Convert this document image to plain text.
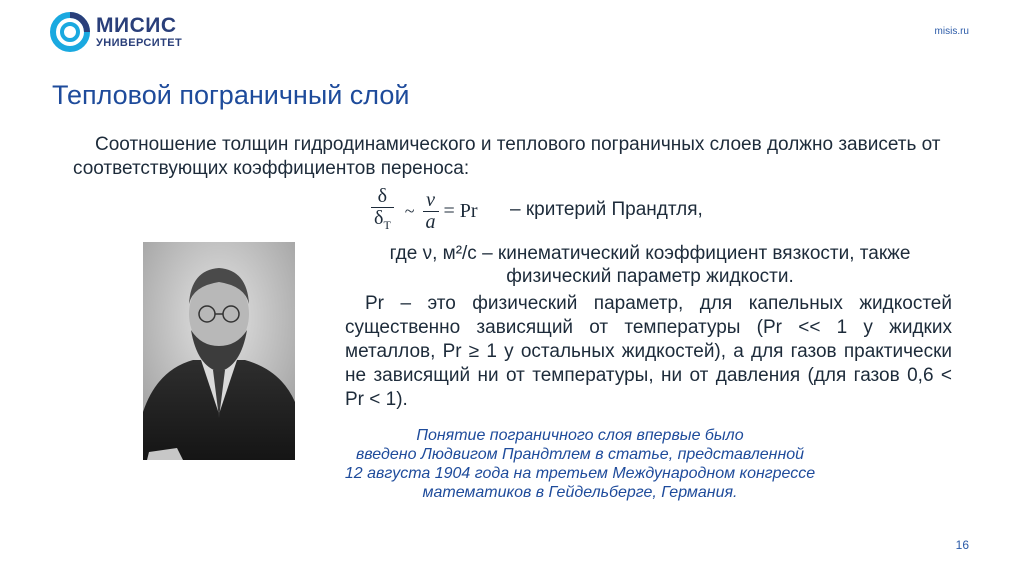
МИСИС
УНИВЕРСИТЕТ
misis.ru
Тепловой пограничный слой
Соотношение толщин гидродинамического и теплового пограничных слоев должно зависеть от соответствующих коэффициентов переноса:
$\frac{\delta}{\delta_T}$ ~ $\frac{\nu}{a} = Pr$ – критерий Прандтля,
где ν, м²/с – кинематический коэффициент вязкости, также
физический параметр жидкости.
Pr – это физический параметр, для капельных жидкостей существенно зависящий от температуры (Pr << 1 у жидких металлов, Pr ≥ 1 у остальных жидкостей), а для газов практически не зависящий ни от температуры, ни от давления (для газов 0,6 < Pr < 1).
Понятие пограничного слоя впервые было
введено Людвигом Прандтлем в статье, представленной
12 августа 1904 года на третьем Международном конгрессе
математиков в Гейдельберге, Германия.
16
